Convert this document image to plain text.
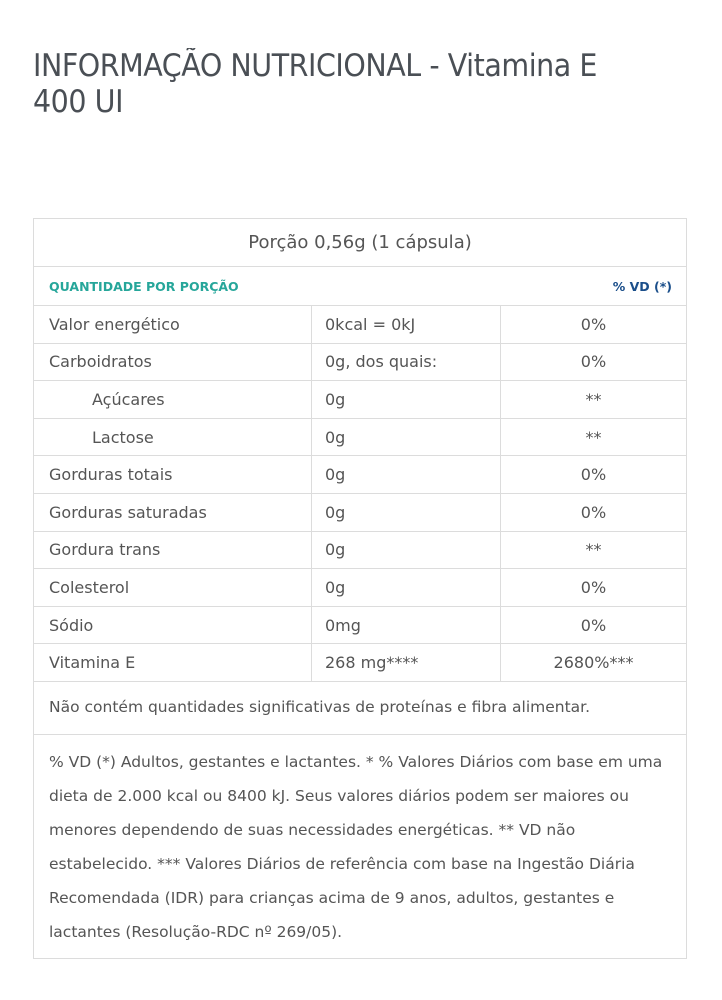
INFORMAÇÃO NUTRICIONAL - Vitamina E 400 UI
Porção 0,56g (1 cápsula)
QUANTIDADE POR PORÇÃO	% VD (*)
Valor energético	0kcal = 0kJ	0%
Carboidratos	0g, dos quais:	0%
Açúcares	0g	**
Lactose	0g	**
Gorduras totais	0g	0%
Gorduras saturadas	0g	0%
Gordura trans	0g	**
Colesterol	0g	0%
Sódio	0mg	0%
Vitamina E	268 mg****	2680%***
Não contém quantidades significativas de proteínas e fibra alimentar.
% VD (*) Adultos, gestantes e lactantes. * % Valores Diários com base em uma dieta de 2.000 kcal ou 8400 kJ. Seus valores diários podem ser maiores ou menores dependendo de suas necessidades energéticas. ** VD não estabelecido. *** Valores Diários de referência com base na Ingestão Diária Recomendada (IDR) para crianças acima de 9 anos, adultos, gestantes e lactantes (Resolução-RDC nº 269/05).
